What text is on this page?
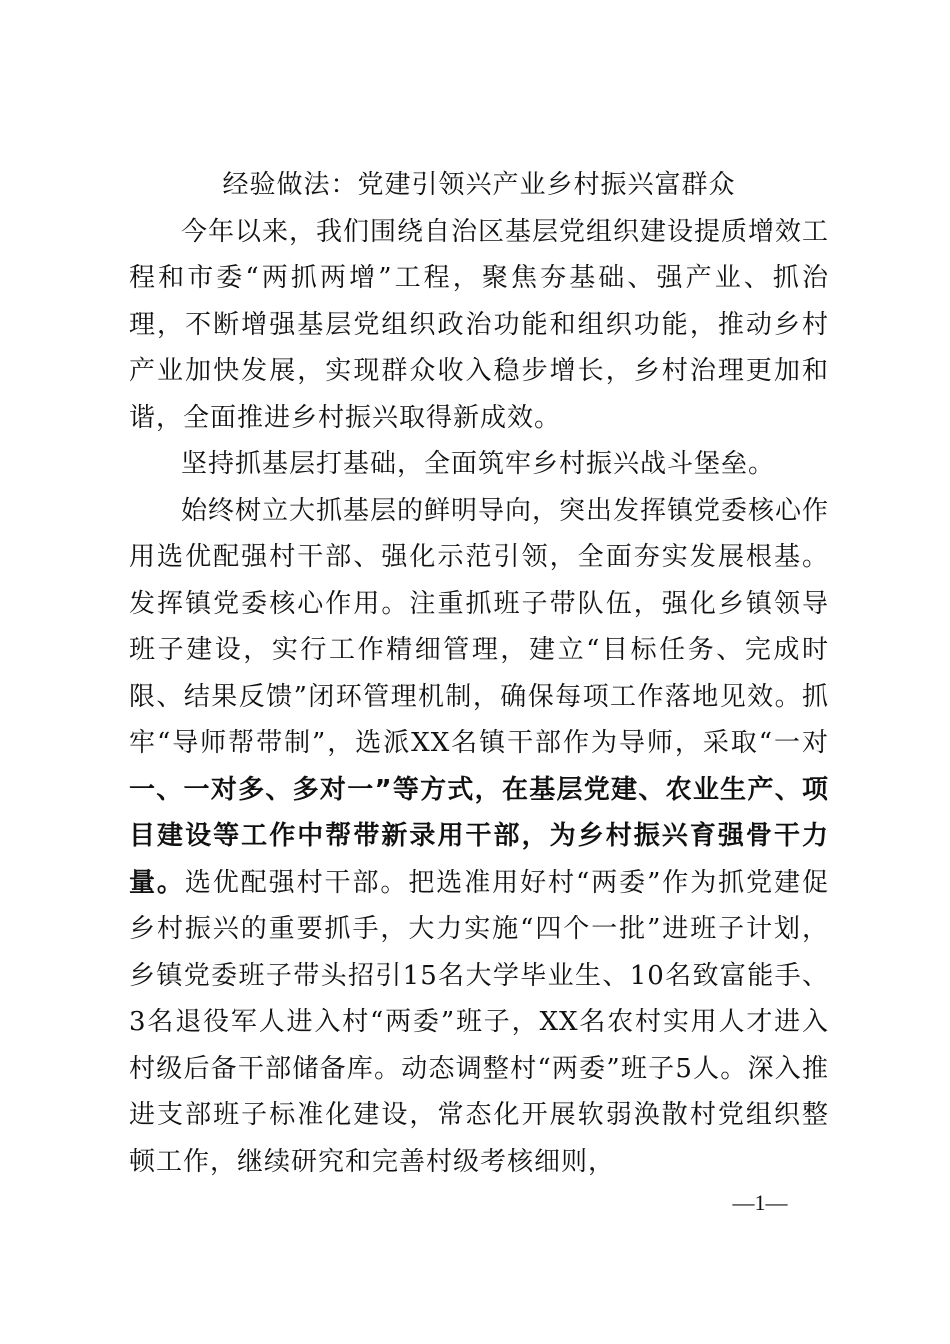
经验做法：党建引领兴产业乡村振兴富群众

今年以来，我们围绕自治区基层党组织建设提质增效工程和市委“两抓两增”工程，聚焦夯基础、强产业、抓治理，不断增强基层党组织政治功能和组织功能，推动乡村产业加快发展，实现群众收入稳步增长，乡村治理更加和谐，全面推进乡村振兴取得新成效。

坚持抓基层打基础，全面筑牢乡村振兴战斗堡垒。

始终树立大抓基层的鲜明导向，突出发挥镇党委核心作用选优配强村干部、强化示范引领，全面夯实发展根基。发挥镇党委核心作用。注重抓班子带队伍，强化乡镇领导班子建设，实行工作精细管理，建立“目标任务、完成时限、结果反馈”闭环管理机制，确保每项工作落地见效。抓牢“导师帮带制”，选派XX名镇干部作为导师，采取“一对一、一对多、多对一”等方式，在基层党建、农业生产、项目建设等工作中帮带新录用干部，为乡村振兴育强骨干力量。选优配强村干部。把选准用好村“两委”作为抓党建促乡村振兴的重要抓手，大力实施“四个一批”进班子计划，乡镇党委班子带头招引15名大学毕业生、10名致富能手、3名退役军人进入村“两委”班子，XX名农村实用人才进入村级后备干部储备库。动态调整村“两委”班子5人。深入推进支部班子标准化建设，常态化开展软弱涣散村党组织整顿工作，继续研究和完善村级考核细则，

—1—
